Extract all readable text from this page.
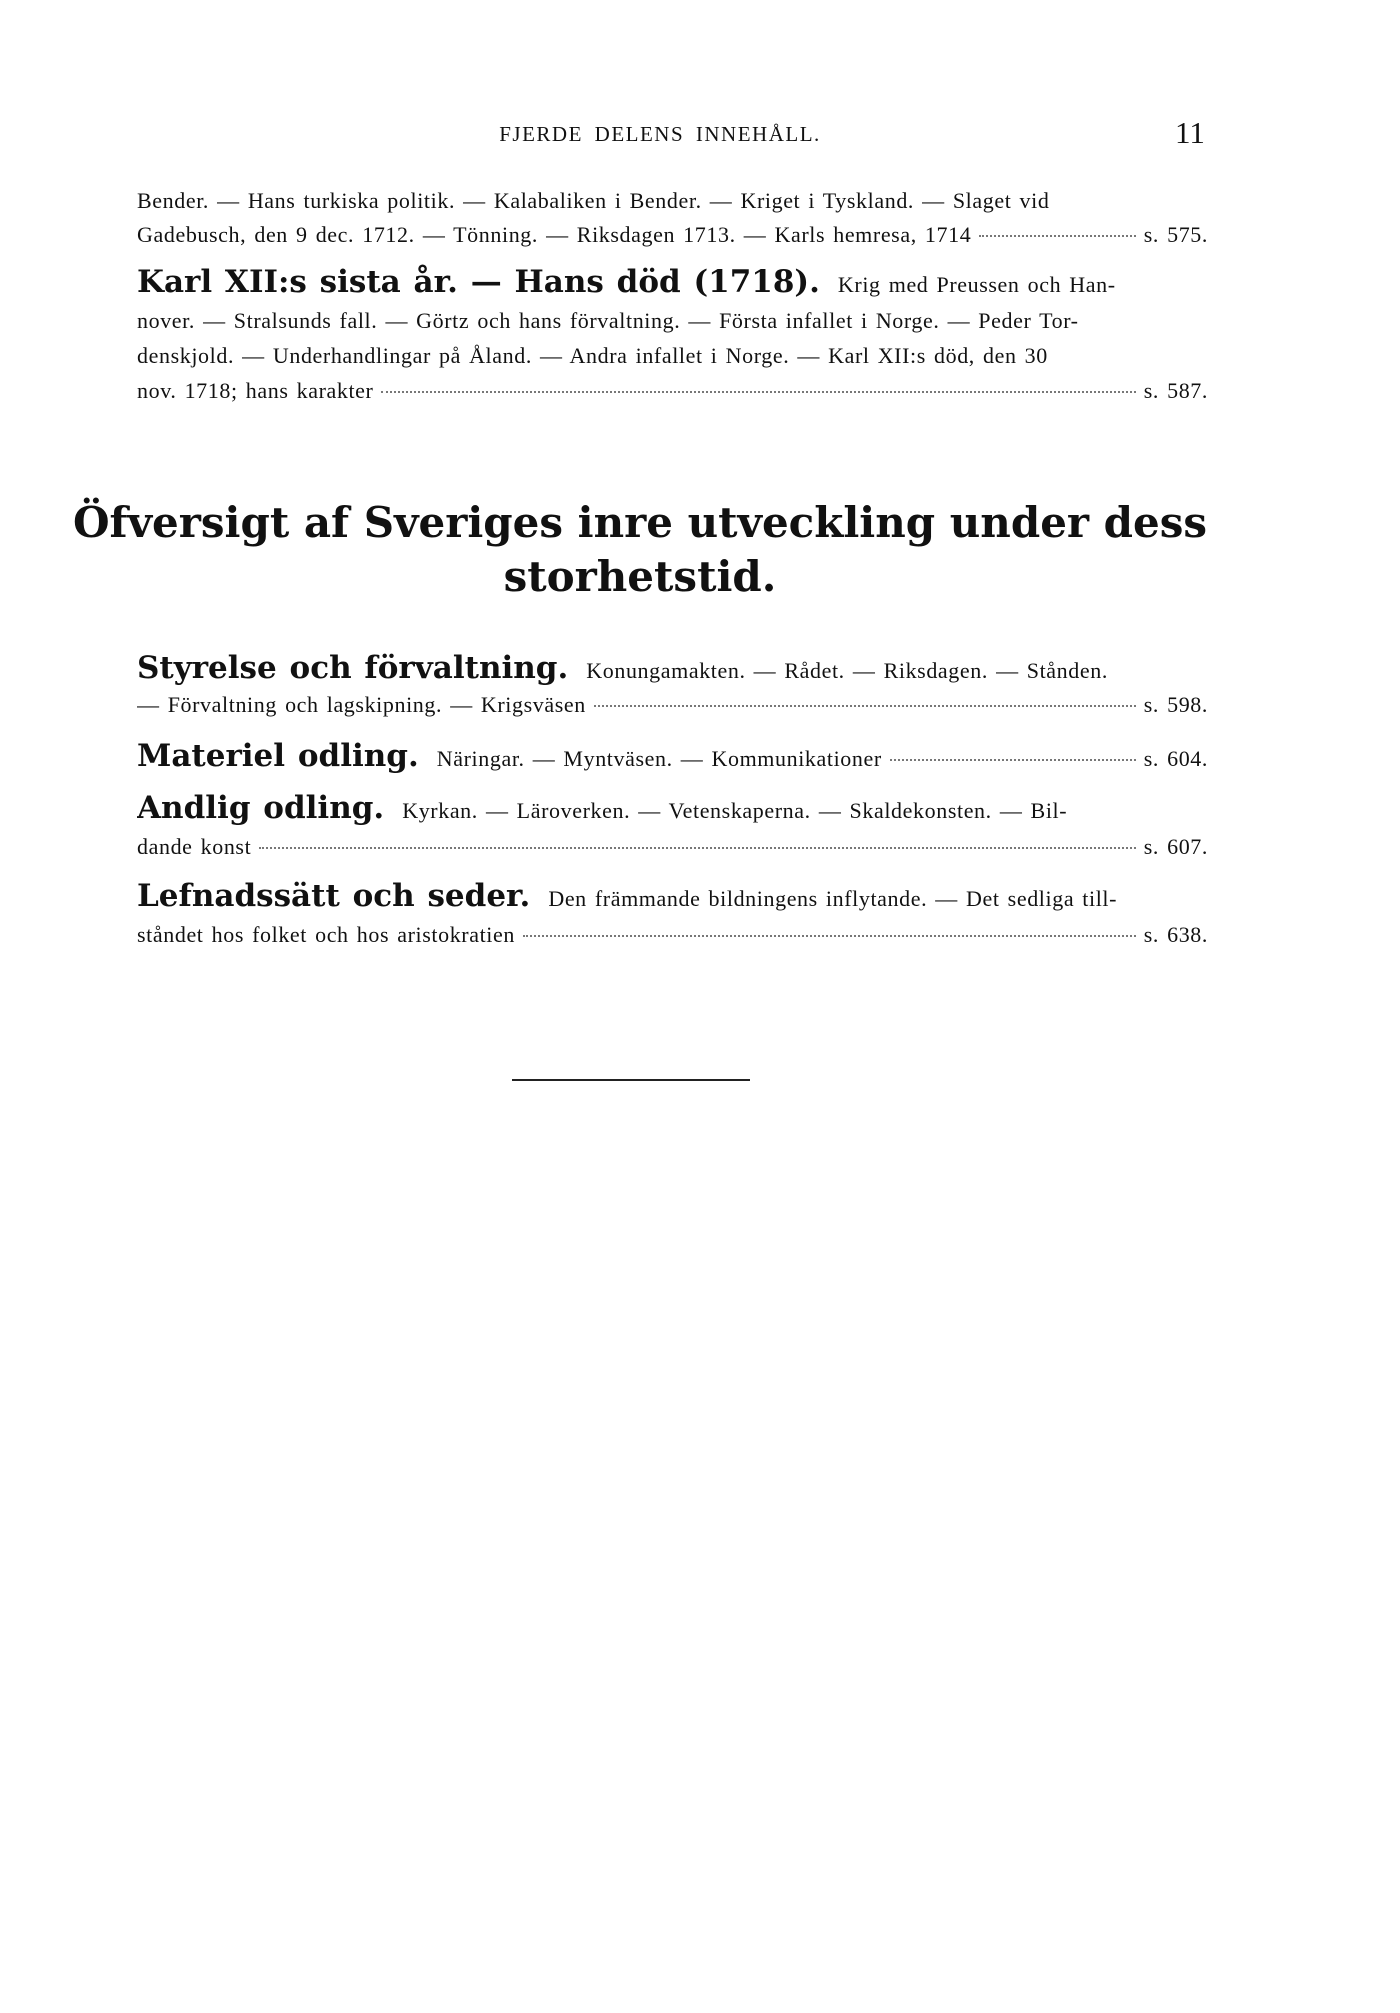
FJERDE DELENS INNEHÅLL.	11
Bender. — Hans turkiska politik. — Kalabaliken i Bender. — Kriget i Tyskland. — Slaget vid
Gadebusch, den 9 dec. 1712. — Tönning. — Riksdagen 1713. — Karls hemresa, 1714	s. 575.
Karl XII:s sista år. — Hans död (1718). Krig med Preussen och Han-
nover. — Stralsunds fall. — Görtz och hans förvaltning. — Första infallet i Norge. — Peder Tor-
denskjold. — Underhandlingar på Åland. — Andra infallet i Norge. — Karl XII:s död, den 30
nov. 1718; hans karakter	s. 587.
Öfversigt af Sveriges inre utveckling under dess
storhetstid.
Styrelse och förvaltning. Konungamakten. — Rådet. — Riksdagen. — Stånden.
— Förvaltning och lagskipning. — Krigsväsen	s. 598.
Materiel odling. Näringar. — Myntväsen. — Kommunikationer	s. 604.
Andlig odling. Kyrkan. — Läroverken. — Vetenskaperna. — Skaldekonsten. — Bil-
dande konst	s. 607.
Lefnadssätt och seder. Den främmande bildningens inflytande. — Det sedliga till-
ståndet hos folket och hos aristokratien	s. 638.
